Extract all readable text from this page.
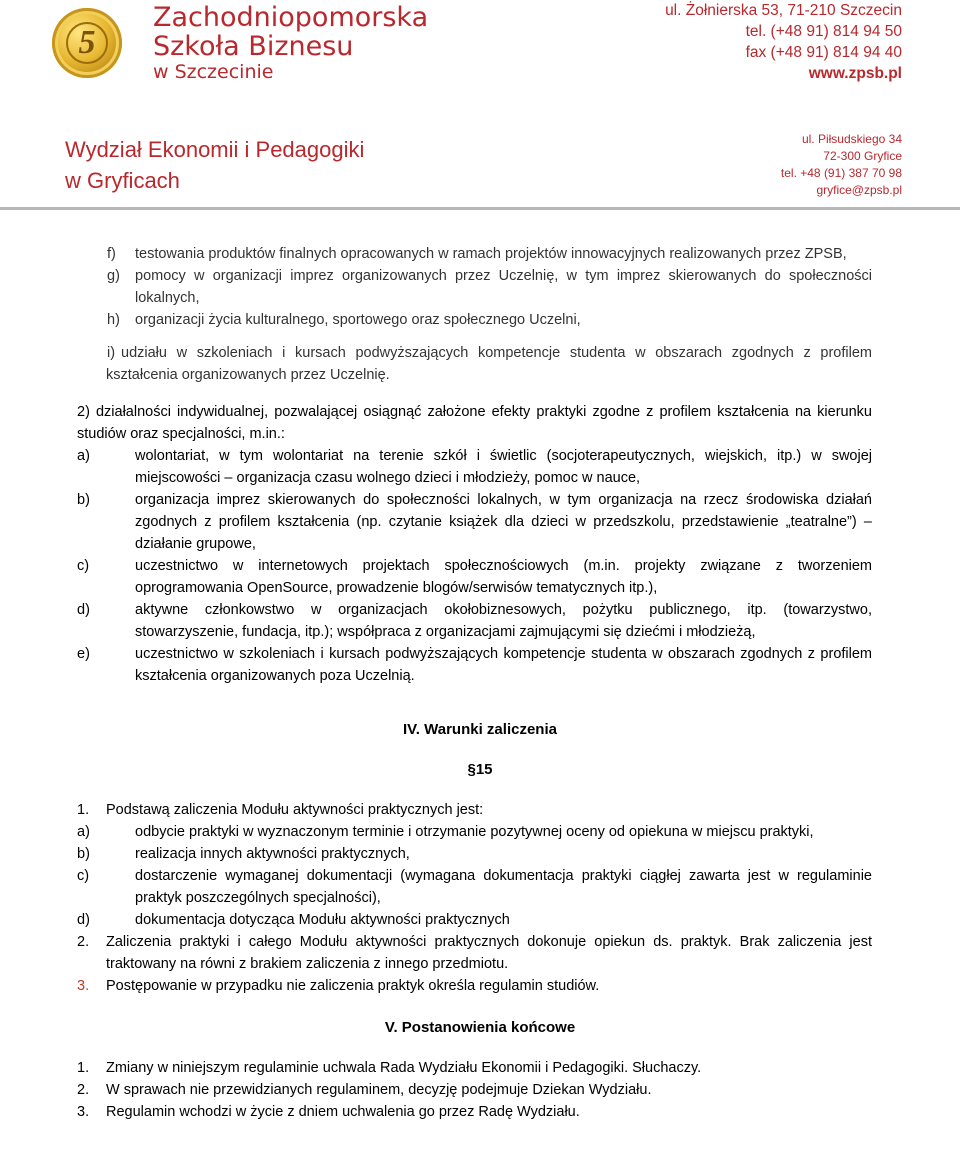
5
Zachodniopomorska
Szkoła Biznesu
w Szczecinie
ul. Żołnierska 53, 71-210 Szczecin
tel. (+48 91) 814 94 50
fax (+48 91) 814 94 40
www.zpsb.pl
Wydział Ekonomii i Pedagogiki
w Gryficach
ul. Piłsudskiego 34
72-300 Gryfice
tel. +48 (91) 387 70 98
gryfice@zpsb.pl
f) testowania produktów finalnych opracowanych w ramach projektów innowacyjnych realizowanych przez ZPSB,
g) pomocy w organizacji imprez organizowanych przez Uczelnię, w tym imprez skierowanych do społeczności lokalnych,
h) organizacji życia kulturalnego, sportowego oraz społecznego Uczelni,
i) udziału w szkoleniach i kursach podwyższających kompetencje studenta w obszarach zgodnych z profilem kształcenia organizowanych przez Uczelnię.
2) działalności indywidualnej, pozwalającej osiągnąć założone efekty praktyki zgodne z profilem kształcenia na kierunku studiów oraz specjalności, m.in.:
a)	wolontariat, w tym wolontariat na terenie szkół i świetlic (socjoterapeutycznych, wiejskich, itp.) w swojej miejscowości – organizacja czasu wolnego dzieci i młodzieży, pomoc w nauce,
b)	organizacja imprez skierowanych do społeczności lokalnych, w tym organizacja na rzecz środowiska działań zgodnych z profilem kształcenia (np. czytanie książek dla dzieci w przedszkolu, przedstawienie „teatralne”) – działanie grupowe,
c)	uczestnictwo w internetowych projektach społecznościowych (m.in. projekty związane z tworzeniem oprogramowania OpenSource, prowadzenie blogów/serwisów tematycznych itp.),
d)	aktywne członkowstwo w organizacjach okołobiznesowych, pożytku publicznego, itp. (towarzystwo, stowarzyszenie, fundacja, itp.); współpraca z organizacjami zajmującymi się dziećmi i młodzieżą,
e)	uczestnictwo w szkoleniach i kursach podwyższających kompetencje studenta w obszarach zgodnych z profilem kształcenia organizowanych poza Uczelnią.
IV. Warunki zaliczenia
§15
1. Podstawą zaliczenia Modułu aktywności praktycznych jest:
a)	odbycie praktyki w wyznaczonym terminie i otrzymanie pozytywnej oceny od opiekuna w miejscu praktyki,
b)	realizacja innych aktywności praktycznych,
c)	dostarczenie wymaganej dokumentacji (wymagana dokumentacja praktyki ciągłej zawarta jest w regulaminie praktyk poszczególnych specjalności),
d)	dokumentacja dotycząca Modułu aktywności praktycznych
2. Zaliczenia praktyki i całego Modułu aktywności praktycznych dokonuje opiekun ds. praktyk. Brak zaliczenia jest traktowany na równi z brakiem zaliczenia z innego przedmiotu.
3. Postępowanie w przypadku nie zaliczenia praktyk określa regulamin studiów.
V. Postanowienia końcowe
1. Zmiany w niniejszym regulaminie uchwala Rada Wydziału Ekonomii i Pedagogiki. Słuchaczy.
2. W sprawach nie przewidzianych regulaminem, decyzję podejmuje Dziekan Wydziału.
3. Regulamin wchodzi w życie z dniem uchwalenia go przez Radę Wydziału.
